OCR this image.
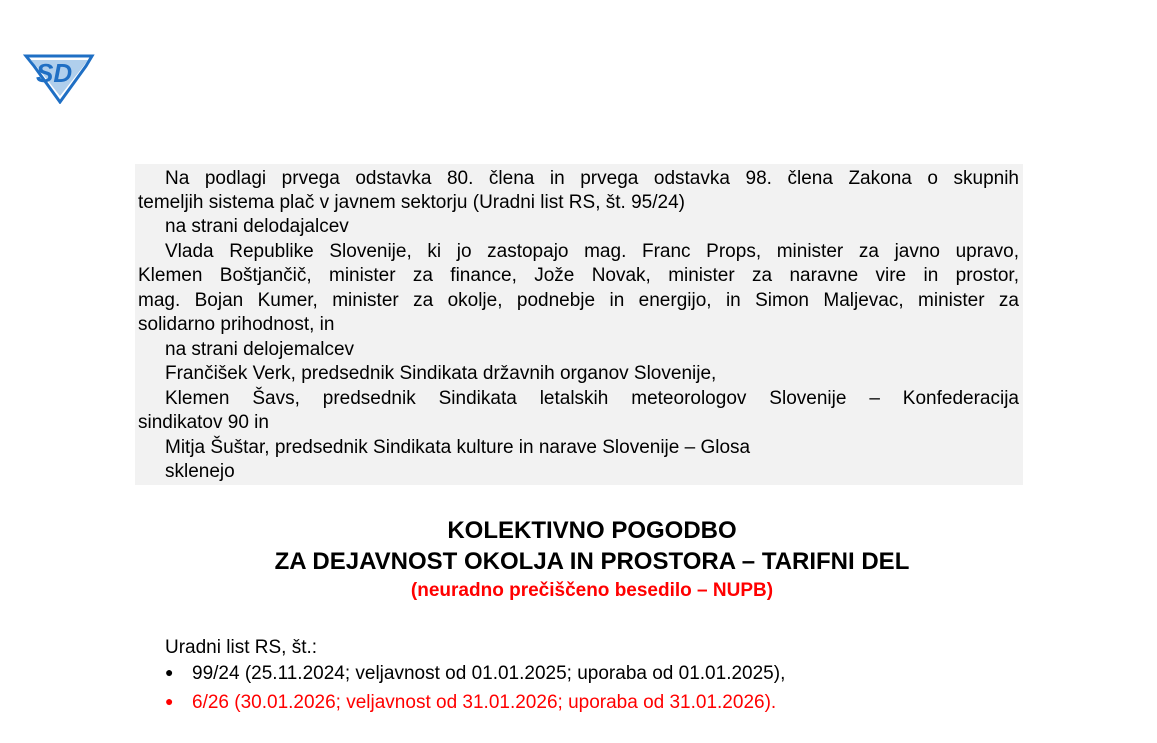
SD
Na podlagi prvega odstavka 80. člena in prvega odstavka 98. člena Zakona o skupnih
temeljih sistema plač v javnem sektorju (Uradni list RS, št. 95/24)
na strani delodajalcev
Vlada Republike Slovenije, ki jo zastopajo mag. Franc Props, minister za javno upravo,
Klemen Boštjančič, minister za finance, Jože Novak, minister za naravne vire in prostor,
mag. Bojan Kumer, minister za okolje, podnebje in energijo, in Simon Maljevac, minister za
solidarno prihodnost, in
na strani delojemalcev
Frančišek Verk, predsednik Sindikata državnih organov Slovenije,
Klemen Šavs, predsednik Sindikata letalskih meteorologov Slovenije – Konfederacija
sindikatov 90 in
Mitja Šuštar, predsednik Sindikata kulture in narave Slovenije – Glosa
sklenejo
KOLEKTIVNO POGODBO
ZA DEJAVNOST OKOLJA IN PROSTORA – TARIFNI DEL
(neuradno prečiščeno besedilo – NUPB)
Uradni list RS, št.:
● 99/24 (25.11.2024; veljavnost od 01.01.2025; uporaba od 01.01.2025),
● 6/26 (30.01.2026; veljavnost od 31.01.2026; uporaba od 31.01.2026).
